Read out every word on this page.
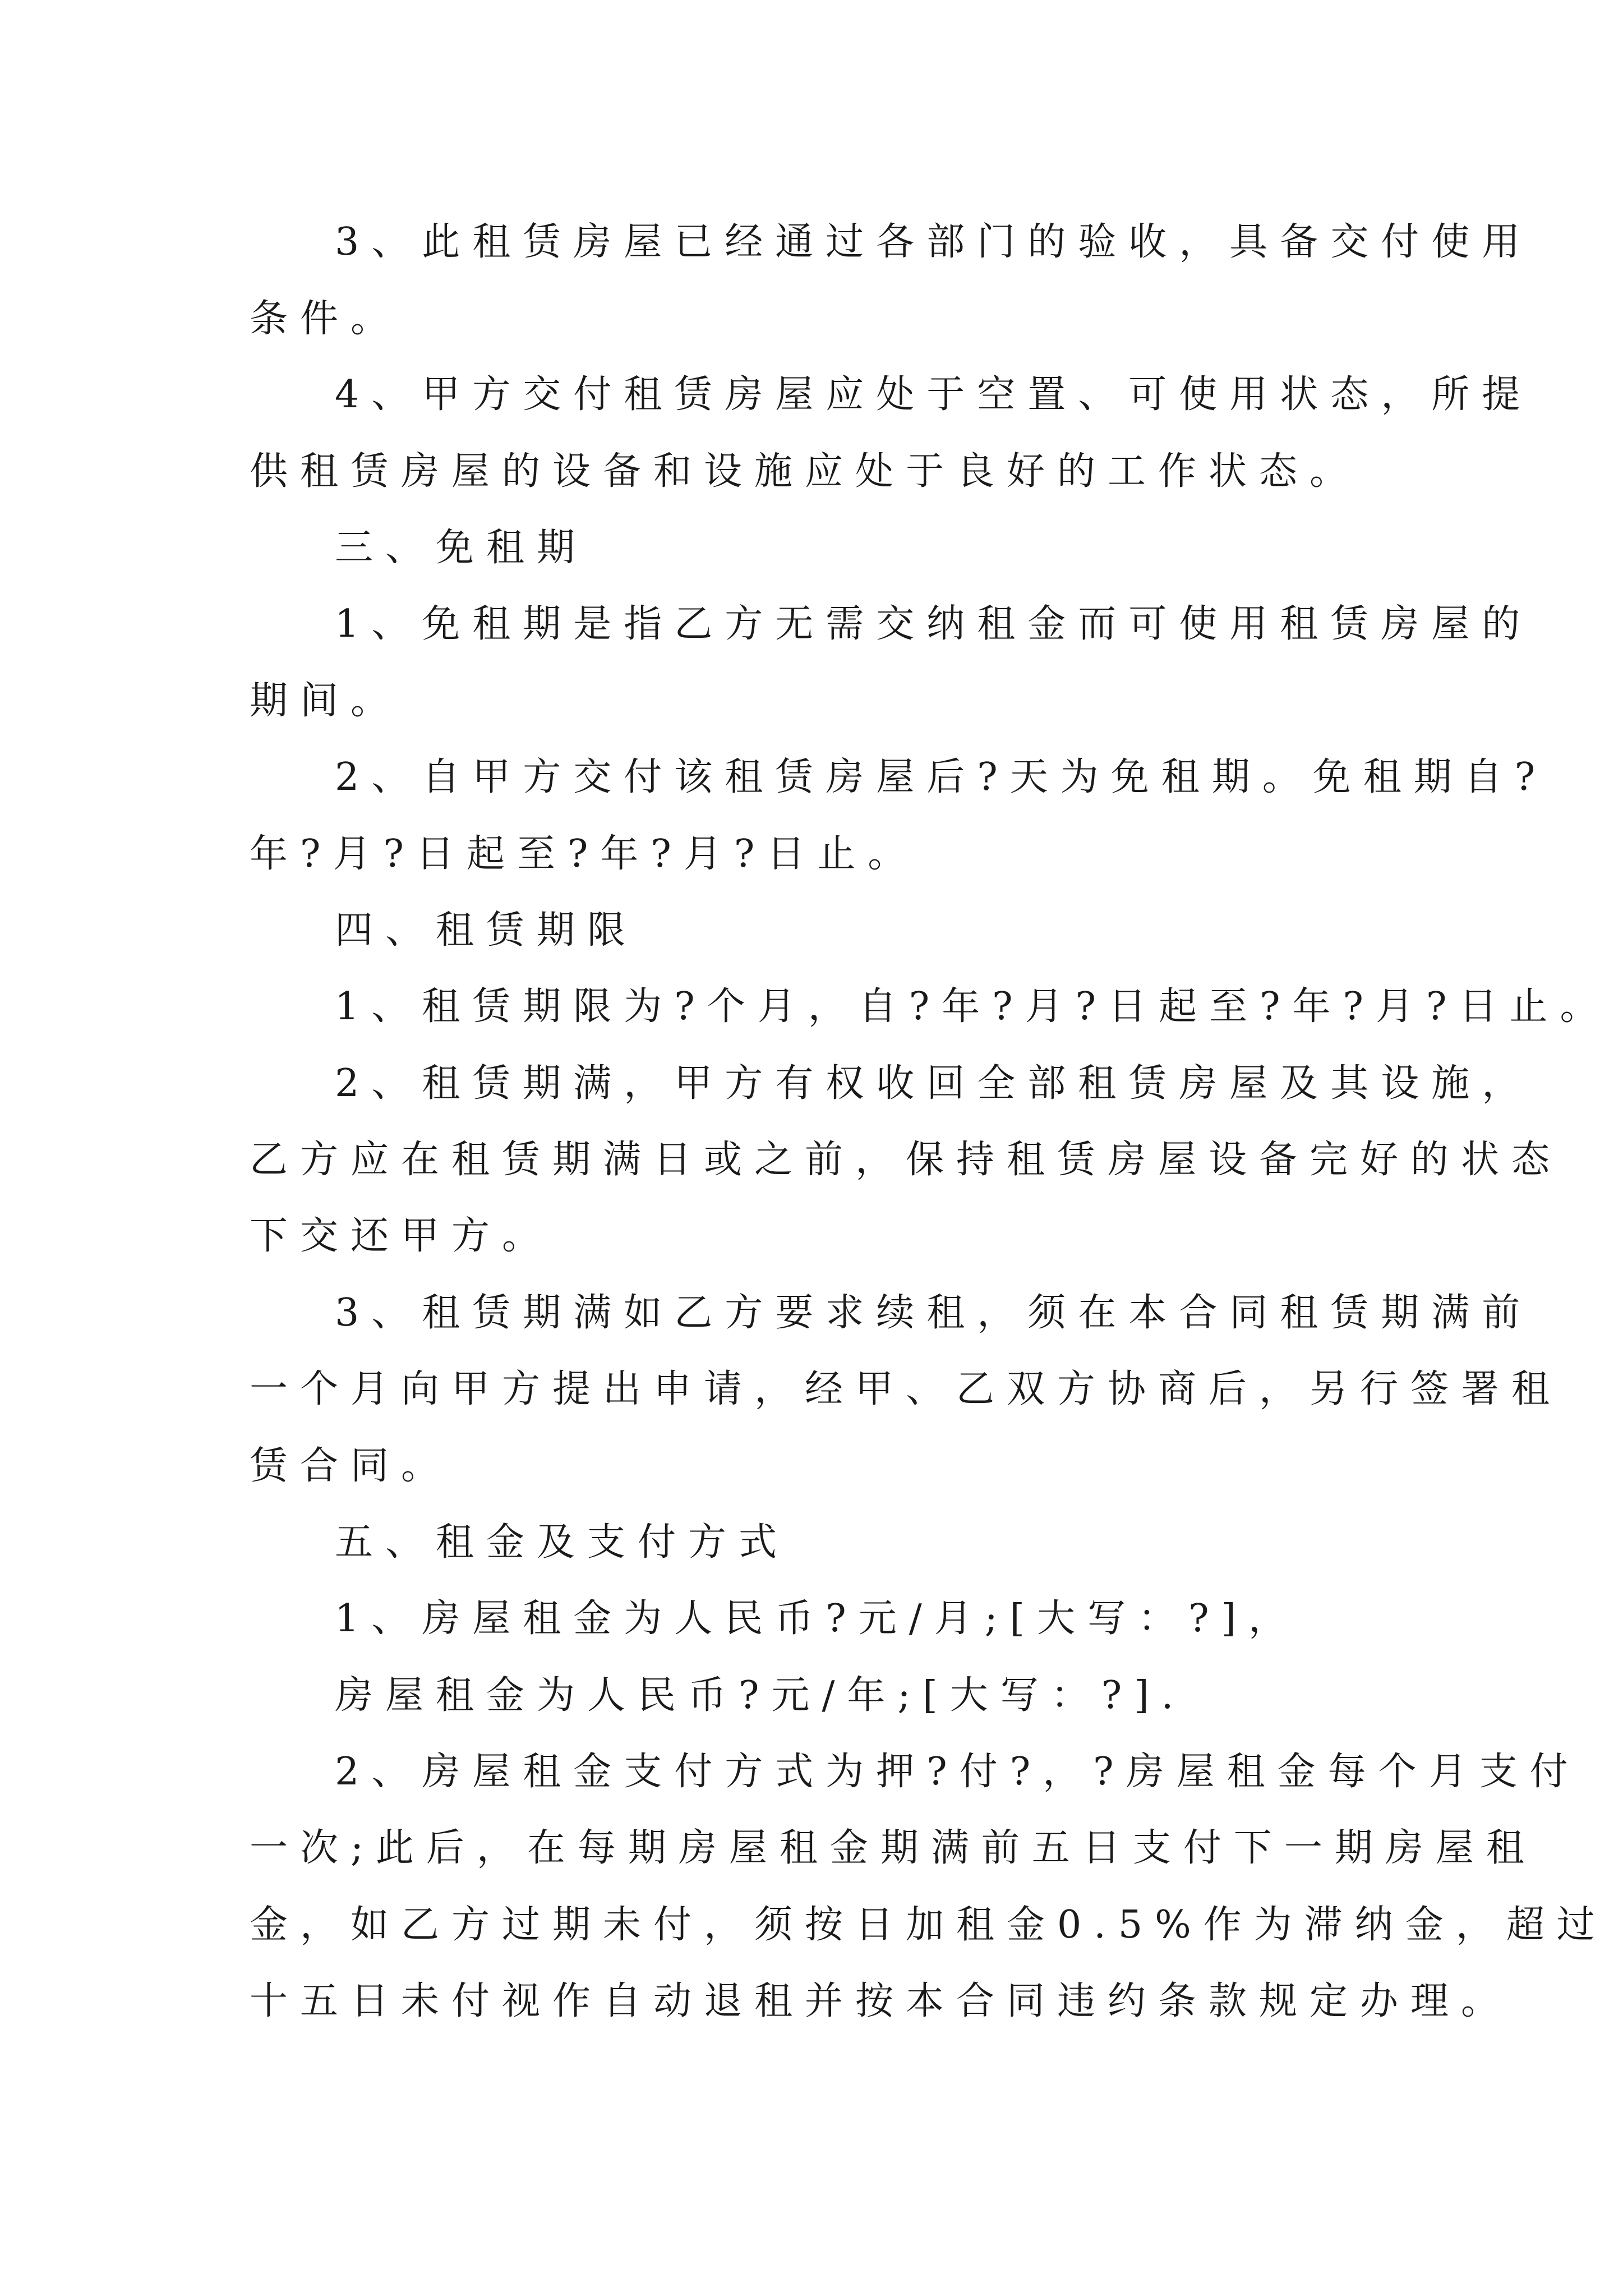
3、此租赁房屋已经通过各部门的验收，具备交付使用
条件。
4、甲方交付租赁房屋应处于空置、可使用状态，所提
供租赁房屋的设备和设施应处于良好的工作状态。
三、免租期
1、免租期是指乙方无需交纳租金而可使用租赁房屋的
期间。
2、自甲方交付该租赁房屋后?天为免租期。免租期自?
年?月?日起至?年?月?日止。
四、租赁期限
1、租赁期限为?个月，自?年?月?日起至?年?月?日止。
2、租赁期满，甲方有权收回全部租赁房屋及其设施，
乙方应在租赁期满日或之前，保持租赁房屋设备完好的状态
下交还甲方。
3、租赁期满如乙方要求续租，须在本合同租赁期满前
一个月向甲方提出申请，经甲、乙双方协商后，另行签署租
赁合同。
五、租金及支付方式
1、房屋租金为人民币?元/月;[大写：?]，
房屋租金为人民币?元/年;[大写：?].
2、房屋租金支付方式为押?付?，?房屋租金每个月支付
一次;此后，在每期房屋租金期满前五日支付下一期房屋租
金，如乙方过期未付，须按日加租金0.5%作为滞纳金，超过
十五日未付视作自动退租并按本合同违约条款规定办理。
